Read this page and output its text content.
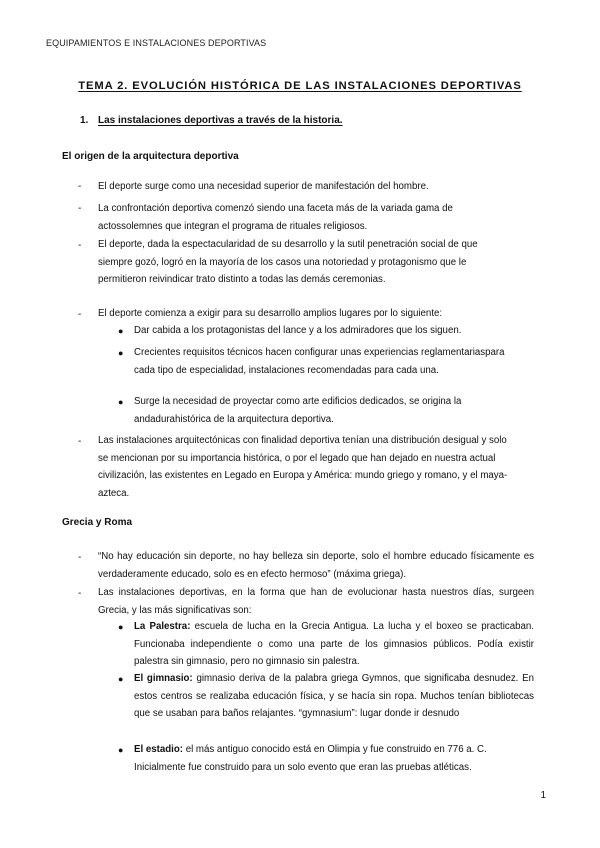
EQUIPAMIENTOS E INSTALACIONES DEPORTIVAS
TEMA 2. EVOLUCIÓN HISTÓRICA DE LAS INSTALACIONES DEPORTIVAS
1. Las instalaciones deportivas a través de la historia.
El origen de la arquitectura deportiva
- El deporte surge como una necesidad superior de manifestación del hombre.
- La confrontación deportiva comenzó siendo una faceta más de la variada gama de actossolemnes que integran el programa de rituales religiosos.
- El deporte, dada la espectacularidad de su desarrollo y la sutil penetración social de que siempre gozó, logró en la mayoría de los casos una notoriedad y protagonismo que le permitieron reivindicar trato distinto a todas las demás ceremonias.
- El deporte comienza a exigir para su desarrollo amplios lugares por lo siguiente:
● Dar cabida a los protagonistas del lance y a los admiradores que los siguen.
● Crecientes requisitos técnicos hacen configurar unas experiencias reglamentariaspara cada tipo de especialidad, instalaciones recomendadas para cada una.
● Surge la necesidad de proyectar como arte edificios dedicados, se origina la andadurahistórica de la arquitectura deportiva.
- Las instalaciones arquitectónicas con finalidad deportiva tenían una distribución desigual y solo se mencionan por su importancia histórica, o por el legado que han dejado en nuestra actual civilización, las existentes en Legado en Europa y América: mundo griego y romano, y el maya-azteca.
Grecia y Roma
- “No hay educación sin deporte, no hay belleza sin deporte, solo el hombre educado físicamente es verdaderamente educado, solo es en efecto hermoso” (máxima griega).
- Las instalaciones deportivas, en la forma que han de evolucionar hasta nuestros días, surgeen Grecia, y las más significativas son:
● La Palestra: escuela de lucha en la Grecia Antigua. La lucha y el boxeo se practicaban. Funcionaba independiente o como una parte de los gimnasios públicos. Podía existir palestra sin gimnasio, pero no gimnasio sin palestra.
● El gimnasio: gimnasio deriva de la palabra griega Gymnos, que significaba desnudez. En estos centros se realizaba educación física, y se hacía sin ropa. Muchos tenían bibliotecas que se usaban para baños relajantes. “gymnasium”: lugar donde ir desnudo
● El estadio: el más antiguo conocido está en Olimpia y fue construido en 776 a. C. Inicialmente fue construido para un solo evento que eran las pruebas atléticas.
1
